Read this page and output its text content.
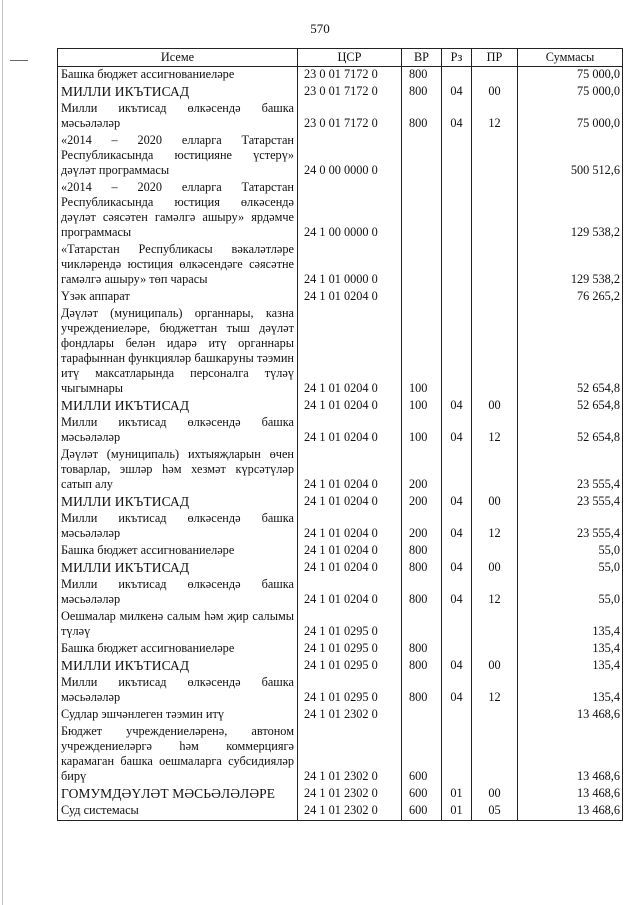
570
Исеме	ЦСР	ВР	Рз	ПР	Суммасы
Башка бюджет ассигнованиеләре	23 0 01 7172 0	800			75 000,0
МИЛЛИ ИКЪТИСАД	23 0 01 7172 0	800	04	00	75 000,0
Милли икътисад өлкәсендә башка мәсьәләләр	23 0 01 7172 0	800	04	12	75 000,0
«2014 – 2020 елларга Татарстан Республикасында юстицияне үстерү» дәүләт программасы	24 0 00 0000 0				500 512,6
«2014 – 2020 елларга Татарстан Республикасында юстиция өлкәсендә дәүләт сәясәтен гамәлгә ашыру» ярдәмче программасы	24 1 00 0000 0				129 538,2
«Татарстан Республикасы вәкаләтләре чикләрендә юстиция өлкәсендәге сәясәтне гамәлгә ашыру» төп чарасы	24 1 01 0000 0				129 538,2
Үзәк аппарат	24 1 01 0204 0				76 265,2
Дәүләт (муниципаль) органнары, казна учреждениеләре, бюджеттан тыш дәүләт фондлары белән идарә итү органнары тарафыннан функцияләр башкаруны тәэмин итү максатларында персоналга түләү чыгымнары	24 1 01 0204 0	100			52 654,8
МИЛЛИ ИКЪТИСАД	24 1 01 0204 0	100	04	00	52 654,8
Милли икътисад өлкәсендә башка мәсьәләләр	24 1 01 0204 0	100	04	12	52 654,8
Дәүләт (муниципаль) ихтыяҗларын өчен товарлар, эшләр һәм хезмәт күрсәтүләр сатып алу	24 1 01 0204 0	200			23 555,4
МИЛЛИ ИКЪТИСАД	24 1 01 0204 0	200	04	00	23 555,4
Милли икътисад өлкәсендә башка мәсьәләләр	24 1 01 0204 0	200	04	12	23 555,4
Башка бюджет ассигнованиеләре	24 1 01 0204 0	800			55,0
МИЛЛИ ИКЪТИСАД	24 1 01 0204 0	800	04	00	55,0
Милли икътисад өлкәсендә башка мәсьәләләр	24 1 01 0204 0	800	04	12	55,0
Оешмалар милкенә салым һәм җир салымы түләү	24 1 01 0295 0				135,4
Башка бюджет ассигнованиеләре	24 1 01 0295 0	800			135,4
МИЛЛИ ИКЪТИСАД	24 1 01 0295 0	800	04	00	135,4
Милли икътисад өлкәсендә башка мәсьәләләр	24 1 01 0295 0	800	04	12	135,4
Судлар эшчәнлеген тәэмин итү	24 1 01 2302 0				13 468,6
Бюджет учреждениеләренә, автоном учреждениеләргә һәм коммерциягә карамаган башка оешмаларга субсидияләр бирү	24 1 01 2302 0	600			13 468,6
ГОМУМДӘҮЛӘТ МӘСЬӘЛӘЛӘРЕ	24 1 01 2302 0	600	01	00	13 468,6
Суд системасы	24 1 01 2302 0	600	01	05	13 468,6
